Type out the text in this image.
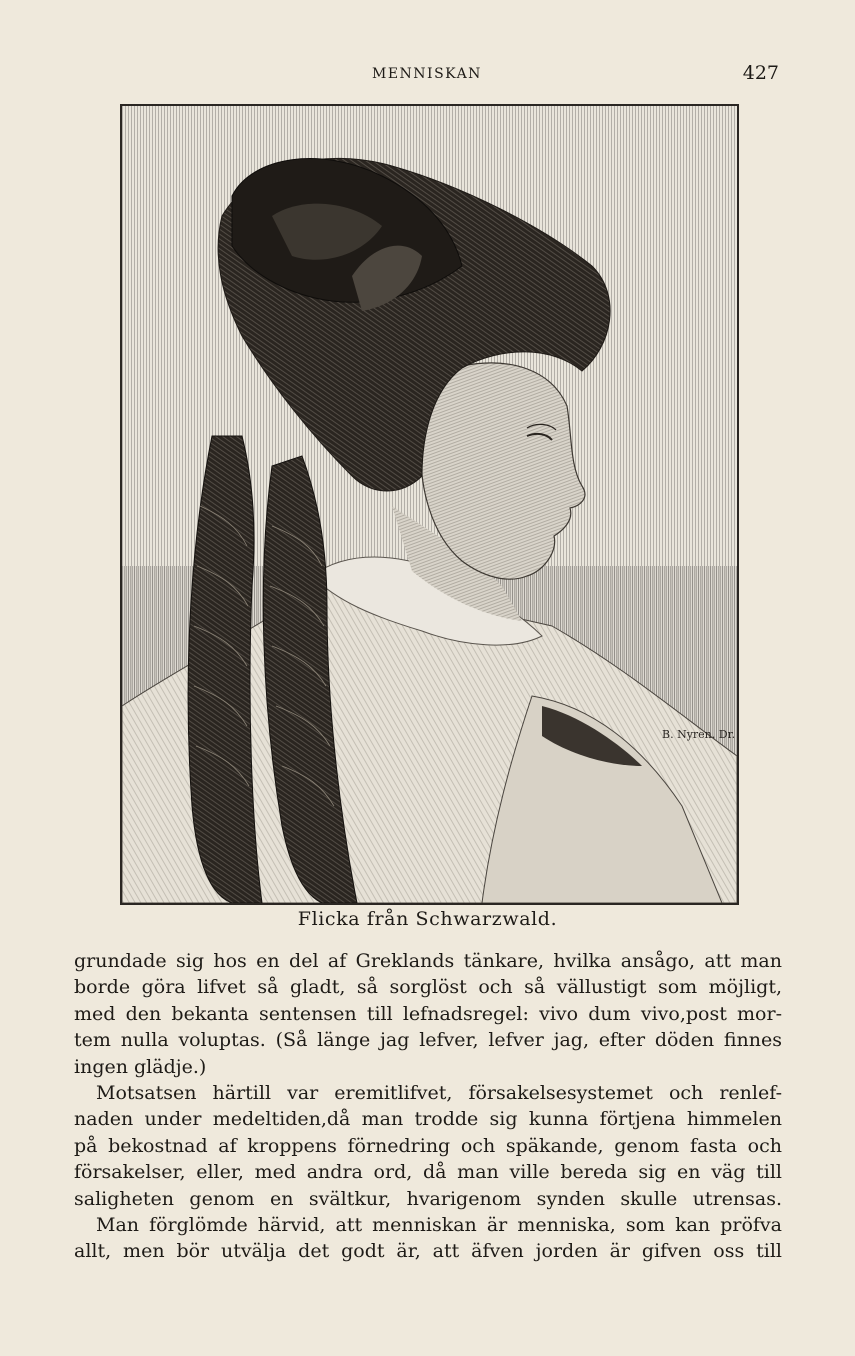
MENNISKAN	427
B. Nyren. Dr.
Flicka från Schwarzwald.

grundade sig hos en del af Greklands tänkare, hvilka ansågo, att man
borde göra lifvet så gladt, så sorglöst och så vällustigt som möjligt,
med den bekanta sentensen till lefnadsregel: vivo dum vivo,post mor-
tem nulla voluptas. (Så länge jag lefver, lefver jag, efter döden finnes
ingen glädje.)

Motsatsen härtill var eremitlifvet, försakelsesystemet och renlef-
naden under medeltiden,då man trodde sig kunna förtjena himmelen
på bekostnad af kroppens förnedring och späkande, genom fasta och
försakelser, eller, med andra ord, då man ville bereda sig en väg till
saligheten genom en svältkur, hvarigenom synden skulle utrensas.

Man förglömde härvid, att menniskan är menniska, som kan pröfva
allt, men bör utvälja det godt är, att äfven jorden är gifven oss till
